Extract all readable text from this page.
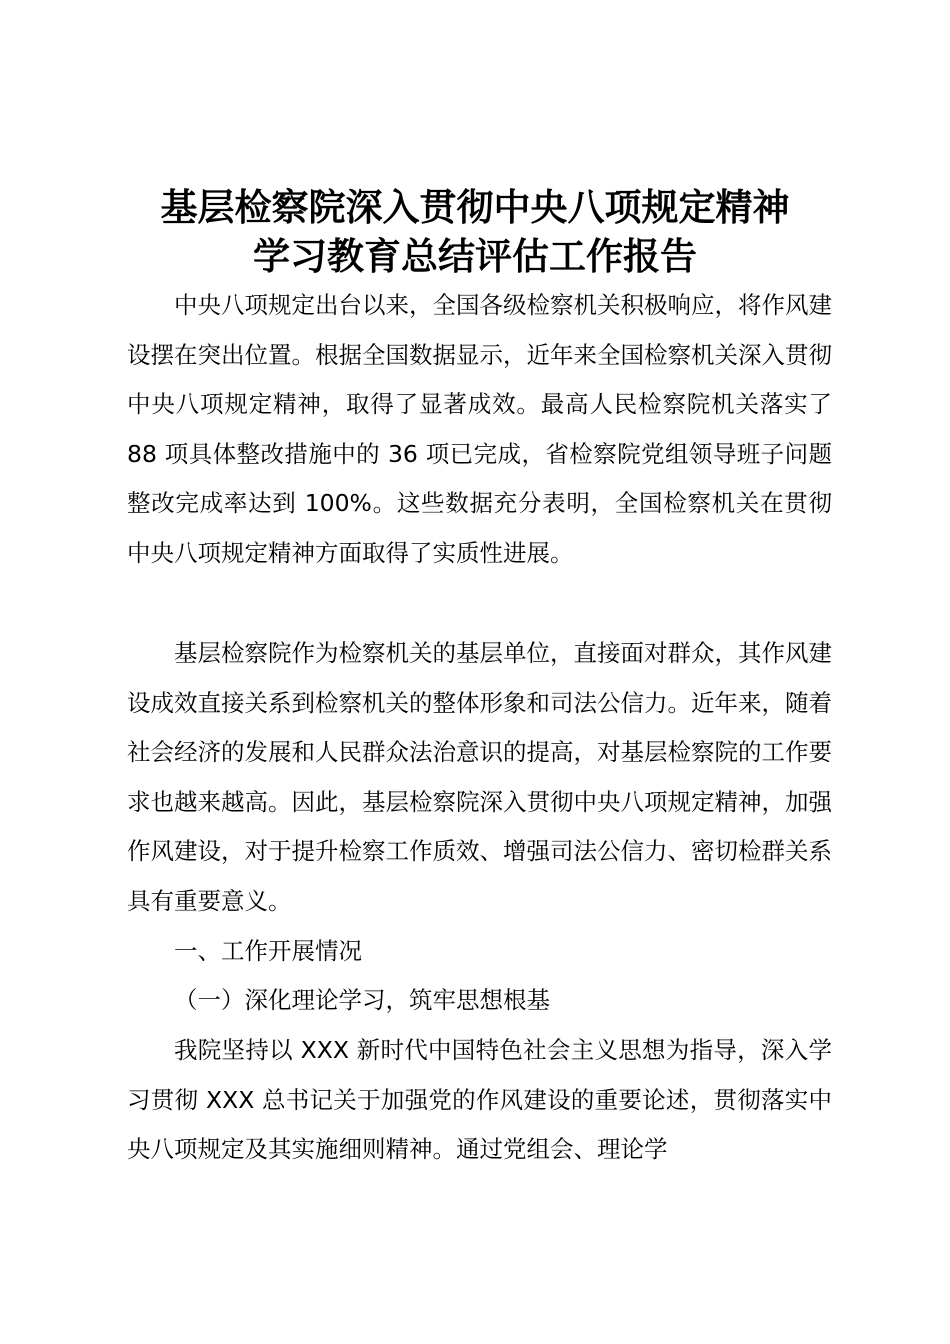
基层检察院深入贯彻中央八项规定精神
学习教育总结评估工作报告

中央八项规定出台以来，全国各级检察机关积极响应，将作风建设摆在突出位置。根据全国数据显示，近年来全国检察机关深入贯彻中央八项规定精神，取得了显著成效。最高人民检察院机关落实了 88 项具体整改措施中的 36 项已完成，省检察院党组领导班子问题整改完成率达到 100%。这些数据充分表明，全国检察机关在贯彻中央八项规定精神方面取得了实质性进展。

基层检察院作为检察机关的基层单位，直接面对群众，其作风建设成效直接关系到检察机关的整体形象和司法公信力。近年来，随着社会经济的发展和人民群众法治意识的提高，对基层检察院的工作要求也越来越高。因此，基层检察院深入贯彻中央八项规定精神，加强作风建设，对于提升检察工作质效、增强司法公信力、密切检群关系具有重要意义。

一、工作开展情况

（一）深化理论学习，筑牢思想根基

我院坚持以 XXX 新时代中国特色社会主义思想为指导，深入学习贯彻 XXX 总书记关于加强党的作风建设的重要论述，贯彻落实中央八项规定及其实施细则精神。通过党组会、理论学
